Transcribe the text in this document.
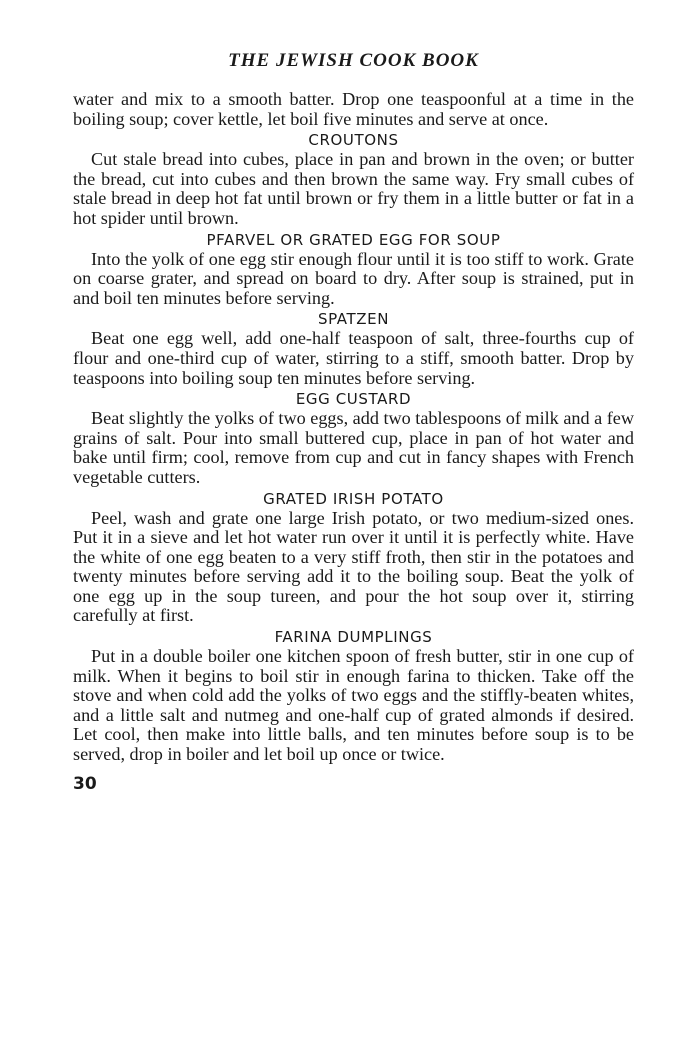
THE JEWISH COOK BOOK

water and mix to a smooth batter. Drop one teaspoonful at a time in the boiling soup; cover kettle, let boil five minutes and serve at once.

CROUTONS

Cut stale bread into cubes, place in pan and brown in the oven; or butter the bread, cut into cubes and then brown the same way. Fry small cubes of stale bread in deep hot fat until brown or fry them in a little butter or fat in a hot spider until brown.

PFARVEL OR GRATED EGG FOR SOUP

Into the yolk of one egg stir enough flour until it is too stiff to work. Grate on coarse grater, and spread on board to dry. After soup is strained, put in and boil ten minutes before serving.

SPATZEN

Beat one egg well, add one-half teaspoon of salt, three-fourths cup of flour and one-third cup of water, stirring to a stiff, smooth batter. Drop by teaspoons into boiling soup ten minutes before serving.

EGG CUSTARD

Beat slightly the yolks of two eggs, add two tablespoons of milk and a few grains of salt. Pour into small buttered cup, place in pan of hot water and bake until firm; cool, remove from cup and cut in fancy shapes with French vegetable cutters.

GRATED IRISH POTATO

Peel, wash and grate one large Irish potato, or two medium-sized ones. Put it in a sieve and let hot water run over it until it is perfectly white. Have the white of one egg beaten to a very stiff froth, then stir in the potatoes and twenty minutes before serving add it to the boiling soup. Beat the yolk of one egg up in the soup tureen, and pour the hot soup over it, stirring carefully at first.

FARINA DUMPLINGS

Put in a double boiler one kitchen spoon of fresh butter, stir in one cup of milk. When it begins to boil stir in enough farina to thicken. Take off the stove and when cold add the yolks of two eggs and the stiffly-beaten whites, and a little salt and nutmeg and one-half cup of grated almonds if desired. Let cool, then make into little balls, and ten minutes before soup is to be served, drop in boiler and let boil up once or twice.

30
